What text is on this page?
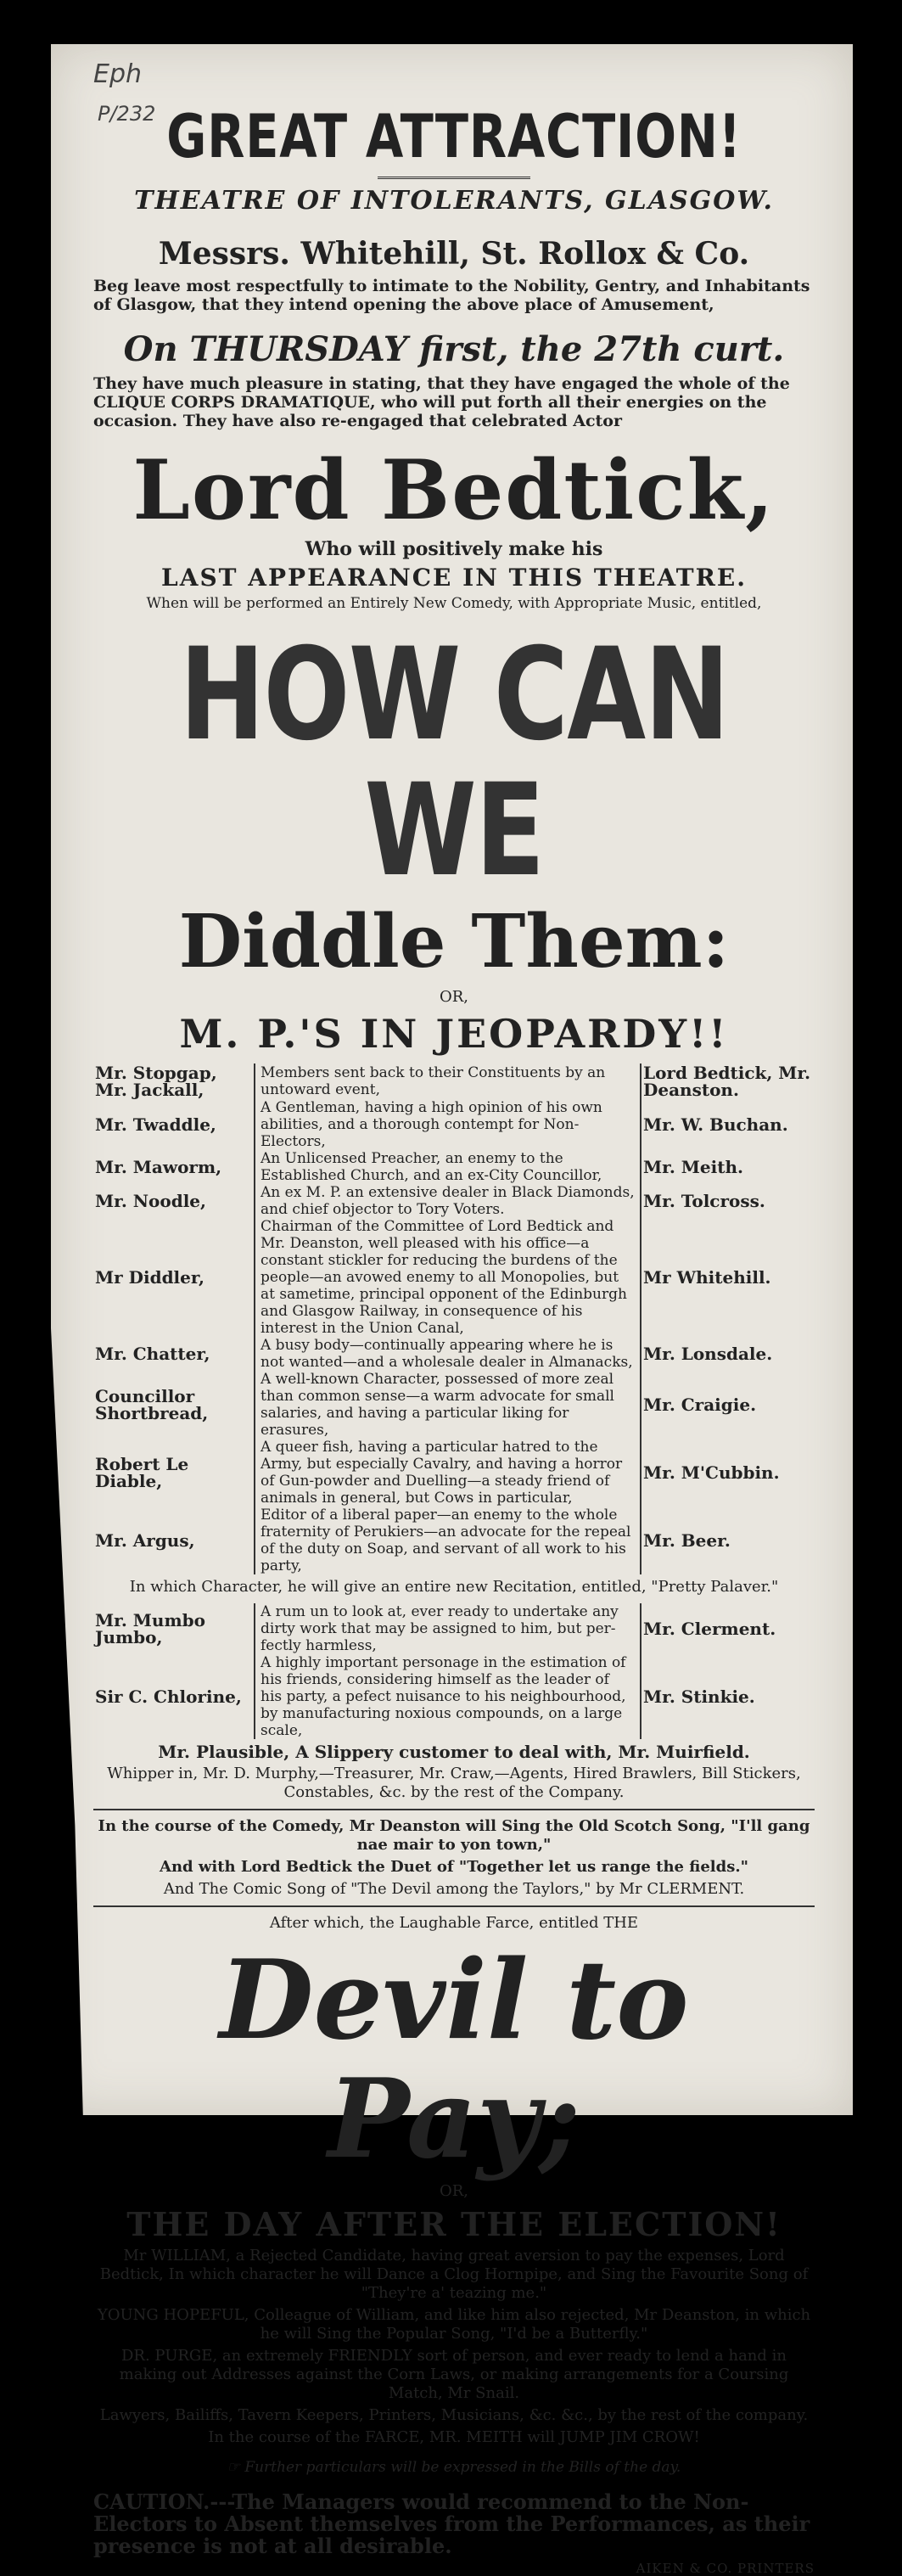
Eph
P/232 GREAT ATTRACTION!
THEATRE OF INTOLERANTS, GLASGOW.
Messrs. Whitehill, St. Rollox & Co.
Beg leave most respectfully to intimate to the Nobility, Gentry, and Inhabitants of Glasgow, that they intend opening the above place of Amusement,
On THURSDAY first, the 27th curt.
They have much pleasure in stating, that they have engaged the whole of the CLIQUE CORPS DRAMATIQUE, who will put forth all their energies on the occasion. They have also re-engaged that celebrated Actor
Lord Bedtick,
Who will positively make his
LAST APPEARANCE IN THIS THEATRE.
When will be performed an Entirely New Comedy, with Appropriate Music, entitled,
HOW CAN WE
Diddle Them:
OR,
M. P.'S IN JEOPARDY!!
Mr. Stopgap, Mr. Jackall,	Members sent back to their Constituents by an untoward event,	Lord Bedtick, Mr. Deanston.
Mr. Twaddle,	A Gentleman, having a high opinion of his own abilities, and a thorough contempt for Non-Electors,	Mr. W. Buchan.
Mr. Maworm,	An Unlicensed Preacher, an enemy to the Established Church, and an ex-City Councillor,	Mr. Meith.
Mr. Noodle,	An ex M. P. an extensive dealer in Black Diamonds, and chief objector to Tory Voters.	Mr. Tolcross.
Mr Diddler,	Chairman of the Committee of Lord Bedtick and Mr. Deanston, well pleased with his office—a constant stickler for reducing the burdens of the people—an avowed enemy to all Monopolies, but at sametime, principal opponent of the Edinburgh and Glasgow Railway, in consequence of his interest in the Union Canal,	Mr Whitehill.
Mr. Chatter,	A busy body—continually appearing where he is not wanted—and a wholesale dealer in Almanacks,	Mr. Lonsdale.
Councillor Shortbread,	A well-known Character, possessed of more zeal than common sense—a warm advocate for small salaries, and having a particular liking for erasures,	Mr. Craigie.
Robert Le Diable,	A queer fish, having a particular hatred to the Army, but especially Cavalry, and having a horror of Gun-powder and Duelling—a steady friend of animals in general, but Cows in particular,	Mr. M'Cubbin.
Mr. Argus,	Editor of a liberal paper—an enemy to the whole fraternity of Perukiers—an advocate for the repeal of the duty on Soap, and servant of all work to his party,	Mr. Beer.
In which Character, he will give an entire new Recitation, entitled, "Pretty Palaver."
Mr. Mumbo Jumbo,	A rum un to look at, ever ready to undertake any dirty work that may be assigned to him, but per-fectly harmless,	Mr. Clerment.
Sir C. Chlorine,	A highly important personage in the estimation of his friends, considering himself as the leader of his party, a pefect nuisance to his neighbourhood, by manufacturing noxious compounds, on a large scale,	Mr. Stinkie.
Mr. Plausible, A Slippery customer to deal with, Mr. Muirfield.
Whipper in, Mr. D. Murphy,—Treasurer, Mr. Craw,—Agents, Hired Brawlers, Bill Stickers, Constables, &c. by the rest of the Company.
In the course of the Comedy, Mr Deanston will Sing the Old Scotch Song, "I'll gang nae mair to yon town,"
And with Lord Bedtick the Duet of "Together let us range the fields."
And The Comic Song of "The Devil among the Taylors," by Mr CLERMENT.
After which, the Laughable Farce, entitled THE
Devil to Pay;
OR,
THE DAY AFTER THE ELECTION!
Mr WILLIAM, a Rejected Candidate, having great aversion to pay the expenses, Lord Bedtick, In which character he will Dance a Clog Hornpipe, and Sing the Favourite Song of "They're a' teazing me."
YOUNG HOPEFUL, Colleague of William, and like him also rejected, Mr Deanston, in which he will Sing the Popular Song, "I'd be a Butterfly."
DR. PURGE, an extremely FRIENDLY sort of person, and ever ready to lend a hand in making out Addresses against the Corn Laws, or making arrangements for a Coursing Match, Mr Snail.
Lawyers, Bailiffs, Tavern Keepers, Printers, Musicians, &c. &c., by the rest of the company.
In the course of the FARCE, MR. MEITH will JUMP JIM CROW!
☞ Further particulars will be expressed in the Bills of the day.
CAUTION.---The Managers would recommend to the Non-Electors to Absent themselves from the Performances, as their presence is not at all desirable.
AIKEN & CO. PRINTERS
